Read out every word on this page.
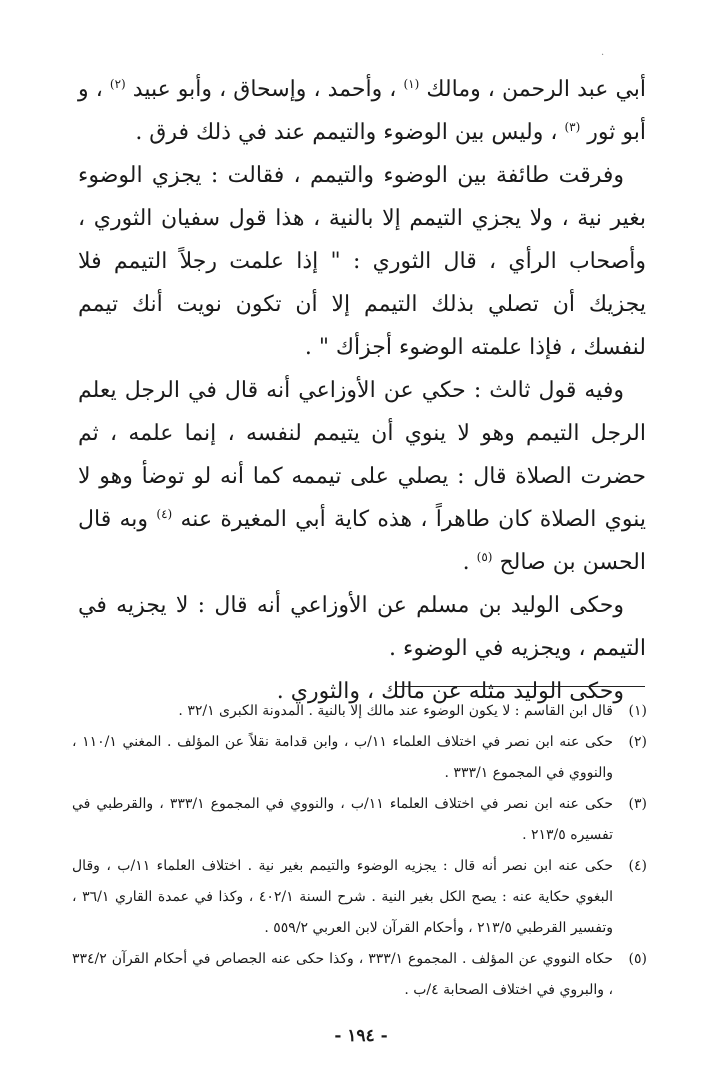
·

أبي عبد الرحمن ، ومالك $^{(١)}$ ، وأحمد ، وإسحاق ، وأبو عبيد $^{(٢)}$ ، و أبو ثور $^{(٣)}$ ، وليس بين الوضوء والتيمم عند في ذلك فرق .

وفرقت طائفة بين الوضوء والتيمم ، فقالت : يجزي الوضوء بغير نية ، ولا يجزي التيمم إلا بالنية ، هذا قول سفيان الثوري ، وأصحاب الرأي ، قال الثوري : " إذا علمت رجلاً التيمم فلا يجزيك أن تصلي بذلك التيمم إلا أن تكون نويت أنك تيمم لنفسك ، فإذا علمته الوضوء أجزأك " .

وفيه قول ثالث : حكي عن الأوزاعي أنه قال في الرجل يعلم الرجل التيمم وهو لا ينوي أن يتيمم لنفسه ، إنما علمه ، ثم حضرت الصلاة قال : يصلي على تيممه كما أنه لو توضأ وهو لا ينوي الصلاة كان طاهراً ، هذه كاية أبي المغيرة عنه $^{(٤)}$ وبه قال الحسن بن صالح $^{(٥)}$ .

وحكى الوليد بن مسلم عن الأوزاعي أنه قال : لا يجزيه في التيمم ، ويجزيه في الوضوء .

وحكى الوليد مثله عن مالك ، والثوري .

(١)
قال ابن القاسم : لا يكون الوضوء عند مالك إلا بالنية . المدونة الكبرى ٣٢/١ .
(٢)
حكى عنه ابن نصر في اختلاف العلماء ١١/ب ، وابن قدامة نقلاً عن المؤلف . المغني ١١٠/١ ، والنووي في المجموع ٣٣٣/١ .
(٣)
حكى عنه ابن نصر في اختلاف العلماء ١١/ب ، والنووي في المجموع ٣٣٣/١ ، والقرطبي في تفسيره ٢١٣/٥ .
(٤)
حكى عنه ابن نصر أنه قال : يجزيه الوضوء والتيمم بغير نية . اختلاف العلماء ١١/ب ، وقال البغوي حكاية عنه : يصح الكل بغير النية . شرح السنة ٤٠٢/١ ، وكذا في عمدة القاري ٣٦/١ ، وتفسير القرطبي ٢١٣/٥ ، وأحكام القرآن لابن العربي ٥٥٩/٢ .
(٥)
حكاه النووي عن المؤلف . المجموع ٣٣٣/١ ، وكذا حكى عنه الجصاص في أحكام القرآن ٣٣٤/٢ ، والبروي في اختلاف الصحابة ٤/ب .
- ١٩٤ -
